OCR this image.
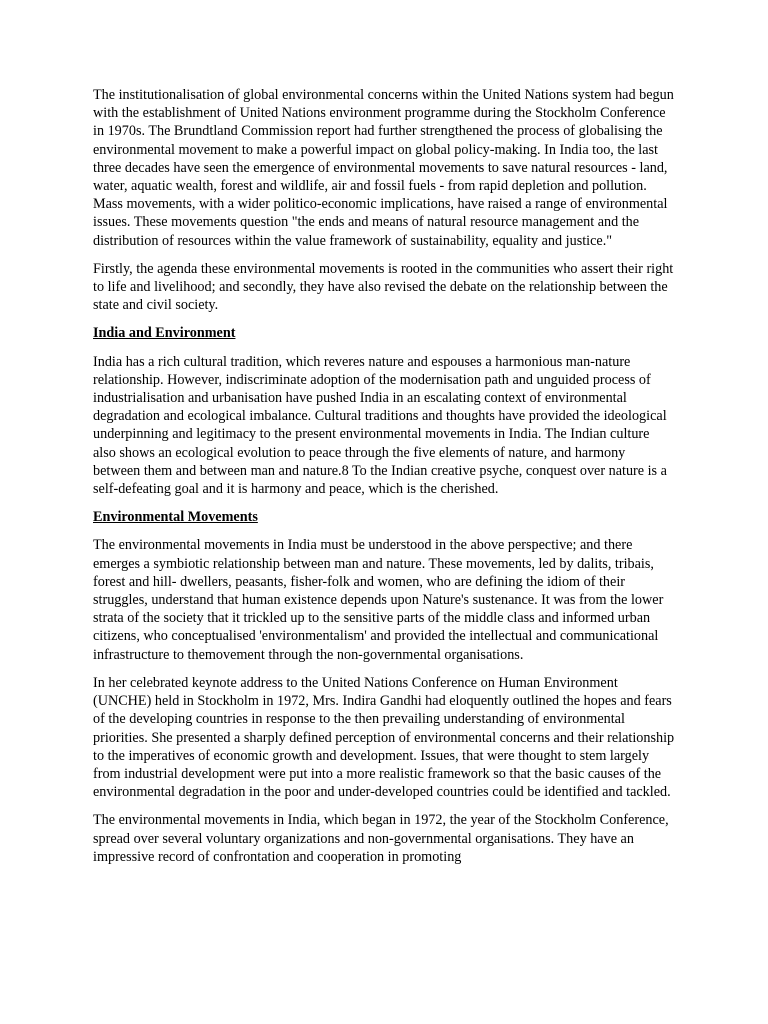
The institutionalisation of global environmental concerns within the United Nations system had begun with the establishment of United Nations environment programme during the Stockholm Conference in 1970s. The Brundtland Commission report had further strengthened the process of globalising the environmental movement to make a powerful impact on global policy-making. In India too, the last three decades have seen the emergence of environmental movements to save natural resources - land, water, aquatic wealth, forest and wildlife, air and fossil fuels - from rapid depletion and pollution. Mass movements, with a wider politico-economic implications, have raised a range of environmental issues. These movements question "the ends and means of natural resource management and the distribution of resources within the value framework of sustainability, equality and justice."

Firstly, the agenda these environmental movements is rooted in the communities who assert their right to life and livelihood; and secondly, they have also revised the debate on the relationship between the state and civil society.

India and Environment

India has a rich cultural tradition, which reveres nature and espouses a harmonious man-nature relationship. However, indiscriminate adoption of the modernisation path and unguided process of industrialisation and urbanisation have pushed India in an escalating context of environmental degradation and ecological imbalance. Cultural traditions and thoughts have provided the ideological underpinning and legitimacy to the present environmental movements in India. The Indian culture also shows an ecological evolution to peace through the five elements of nature, and harmony between them and between man and nature.8 To the Indian creative psyche, conquest over nature is a self-defeating goal and it is harmony and peace, which is the cherished.

Environmental Movements

The environmental movements in India must be understood in the above perspective; and there emerges a symbiotic relationship between man and nature. These movements, led by dalits, tribais, forest and hill- dwellers, peasants, fisher-folk and women, who are defining the idiom of their struggles, understand that human existence depends upon Nature's sustenance. It was from the lower strata of the society that it trickled up to the sensitive parts of the middle class and informed urban citizens, who conceptualised 'environmentalism' and provided the intellectual and communicational infrastructure to themovement through the non-governmental organisations.

In her celebrated keynote address to the United Nations Conference on Human Environment (UNCHE) held in Stockholm in 1972, Mrs. Indira Gandhi had eloquently outlined the hopes and fears of the developing countries in response to the then prevailing understanding of environmental priorities. She presented a sharply defined perception of environmental concerns and their relationship to the imperatives of economic growth and development. Issues, that were thought to stem largely from industrial development were put into a more realistic framework so that the basic causes of the environmental degradation in the poor and under-developed countries could be identified and tackled.

The environmental movements in India, which began in 1972, the year of the Stockholm Conference, spread over several voluntary organizations and non-governmental organisations. They have an impressive record of confrontation and cooperation in promoting
